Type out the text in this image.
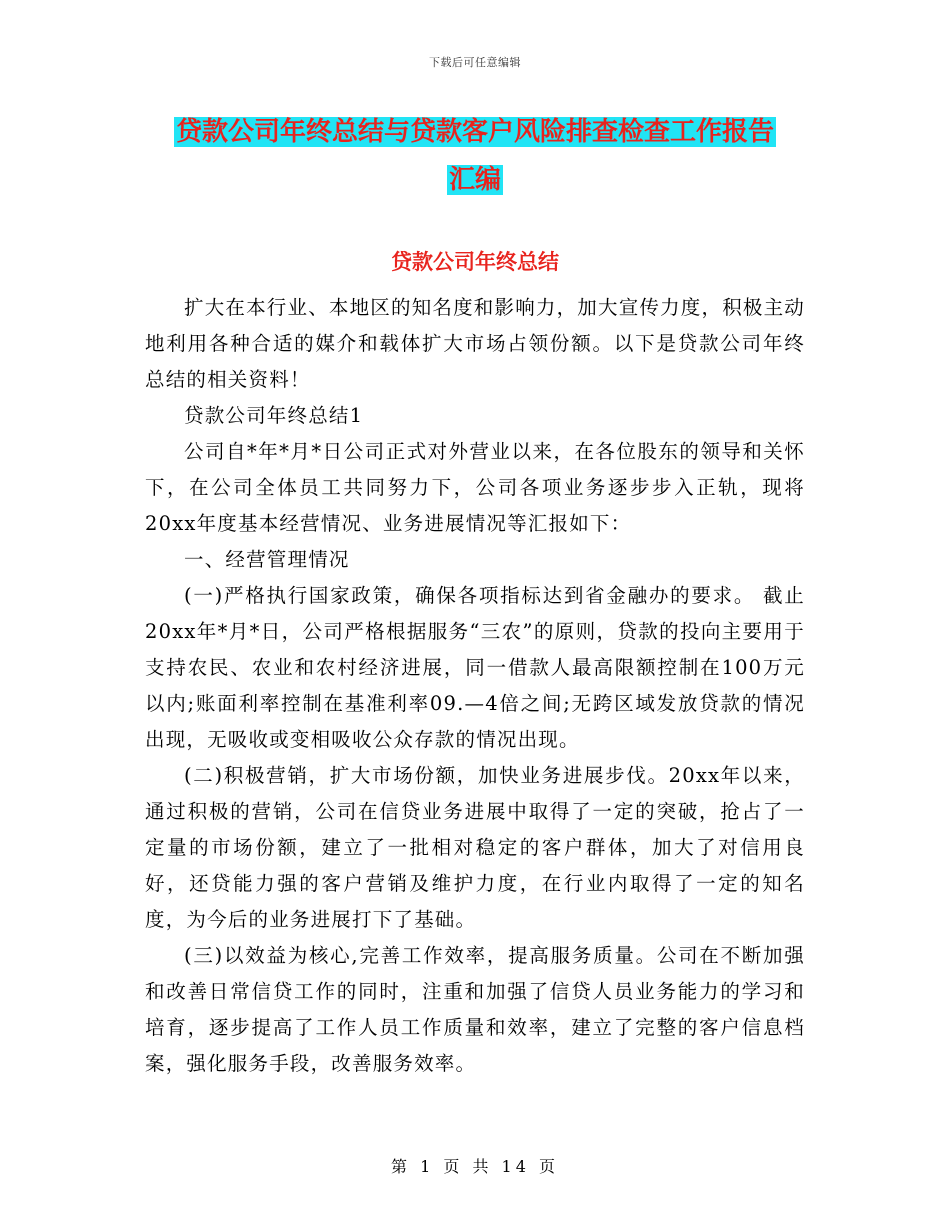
下载后可任意编辑
贷款公司年终总结与贷款客户风险排查检查工作报告
汇编
贷款公司年终总结

扩大在本行业、本地区的知名度和影响力，加大宣传力度，积极主动地利用各种合适的媒介和载体扩大市场占领份额。以下是贷款公司年终总结的相关资料！

贷款公司年终总结1

公司自*年*月*日公司正式对外营业以来，在各位股东的领导和关怀下，在公司全体员工共同努力下，公司各项业务逐步步入正轨，现将20xx年度基本经营情况、业务进展情况等汇报如下：

一、经营管理情况

(一)严格执行国家政策，确保各项指标达到省金融办的要求。 截止20xx年*月*日，公司严格根据服务“三农”的原则，贷款的投向主要用于支持农民、农业和农村经济进展，同一借款人最高限额控制在100万元以内;账面利率控制在基准利率09.—4倍之间;无跨区域发放贷款的情况出现，无吸收或变相吸收公众存款的情况出现。

(二)积极营销，扩大市场份额，加快业务进展步伐。20xx年以来，通过积极的营销，公司在信贷业务进展中取得了一定的突破，抢占了一定量的市场份额，建立了一批相对稳定的客户群体，加大了对信用良好，还贷能力强的客户营销及维护力度，在行业内取得了一定的知名度，为今后的业务进展打下了基础。

(三)以效益为核心,完善工作效率，提高服务质量。公司在不断加强和改善日常信贷工作的同时，注重和加强了信贷人员业务能力的学习和培育，逐步提高了工作人员工作质量和效率，建立了完整的客户信息档案，强化服务手段，改善服务效率。

第 1 页 共 14 页
